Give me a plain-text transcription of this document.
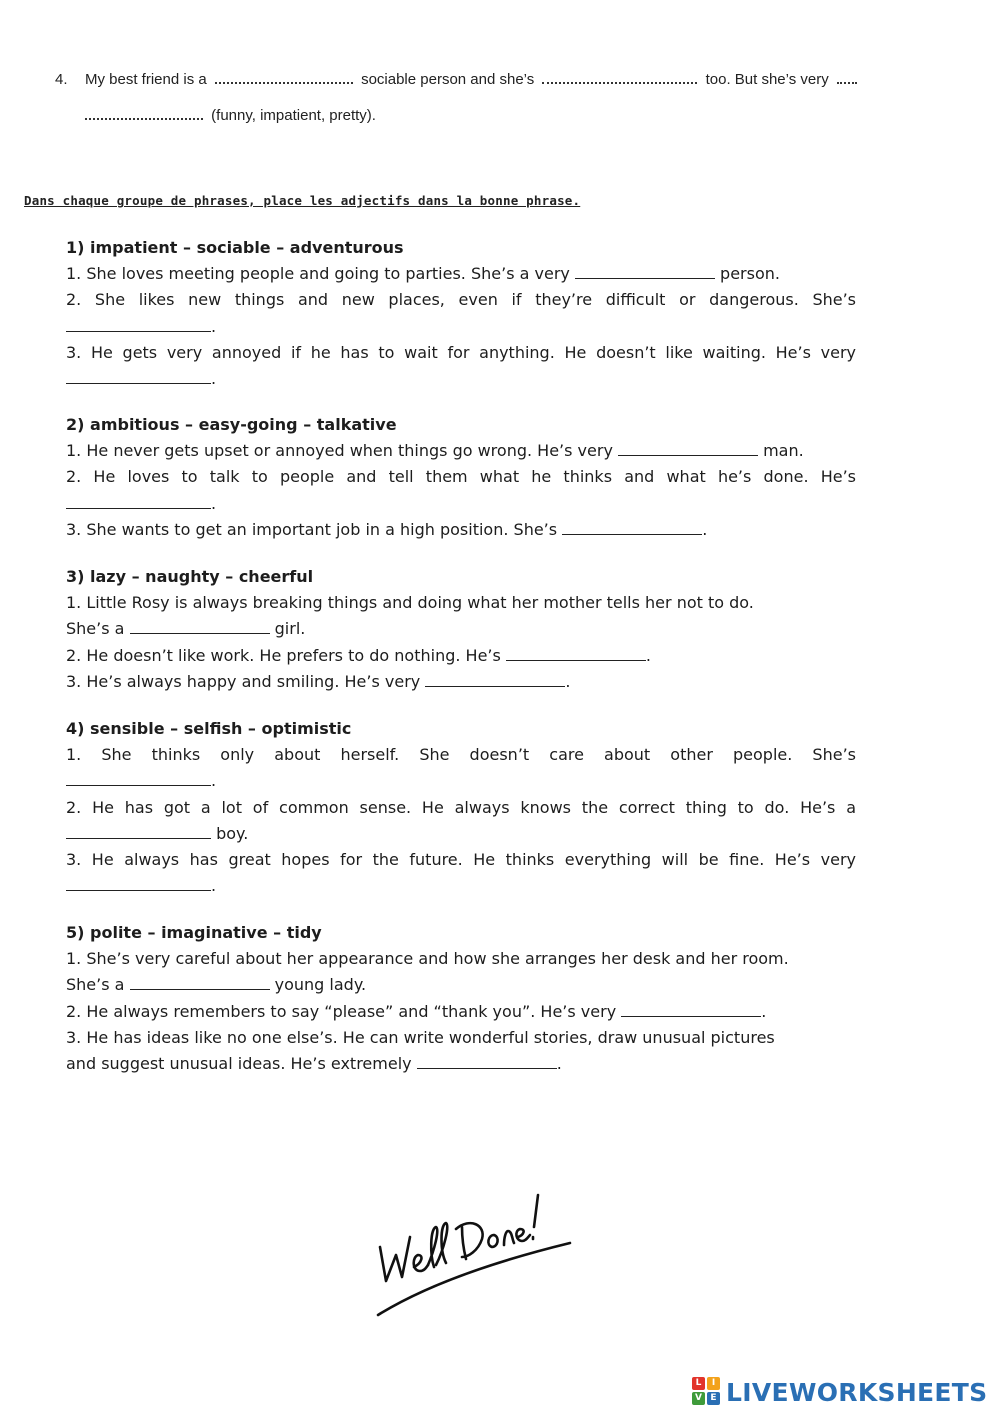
4. My best friend is a	sociable person and she’s	too. But she’s very
(funny, impatient, pretty).
Dans chaque groupe de phrases, place les adjectifs dans la bonne phrase.

1) impatient – sociable – adventurous

1. She loves meeting people and going to parties. She’s a very	person.

2. She likes new things and new places, even if they’re difficult or dangerous. She’s

.

3. He gets very annoyed if he has to wait for anything. He doesn’t like waiting. He’s very

.

2) ambitious – easy-going – talkative

1. He never gets upset or annoyed when things go wrong. He’s very	man.

2. He loves to talk to people and tell them what he thinks and what he’s done. He’s

.

3. She wants to get an important job in a high position. She’s	.

3) lazy – naughty – cheerful

1. Little Rosy is always breaking things and doing what her mother tells her not to do.

She’s a	girl.

2. He doesn’t like work. He prefers to do nothing. He’s	.

3. He’s always happy and smiling. He’s very	.

4) sensible – selfish – optimistic

1. She thinks only about herself. She doesn’t care about other people. She’s

.

2. He has got a lot of common sense. He always knows the correct thing to do. He’s a

boy.

3. He always has great hopes for the future. He thinks everything will be fine. He’s very

.

5) polite – imaginative – tidy

1. She’s very careful about her appearance and how she arranges her desk and her room.

She’s a	young lady.

2. He always remembers to say “please” and “thank you”. He’s very	.

3. He has ideas like no one else’s. He can write wonderful stories, draw unusual pictures

and suggest unusual ideas. He’s extremely	.

L	I
V E LIVEWORKSHEETS
